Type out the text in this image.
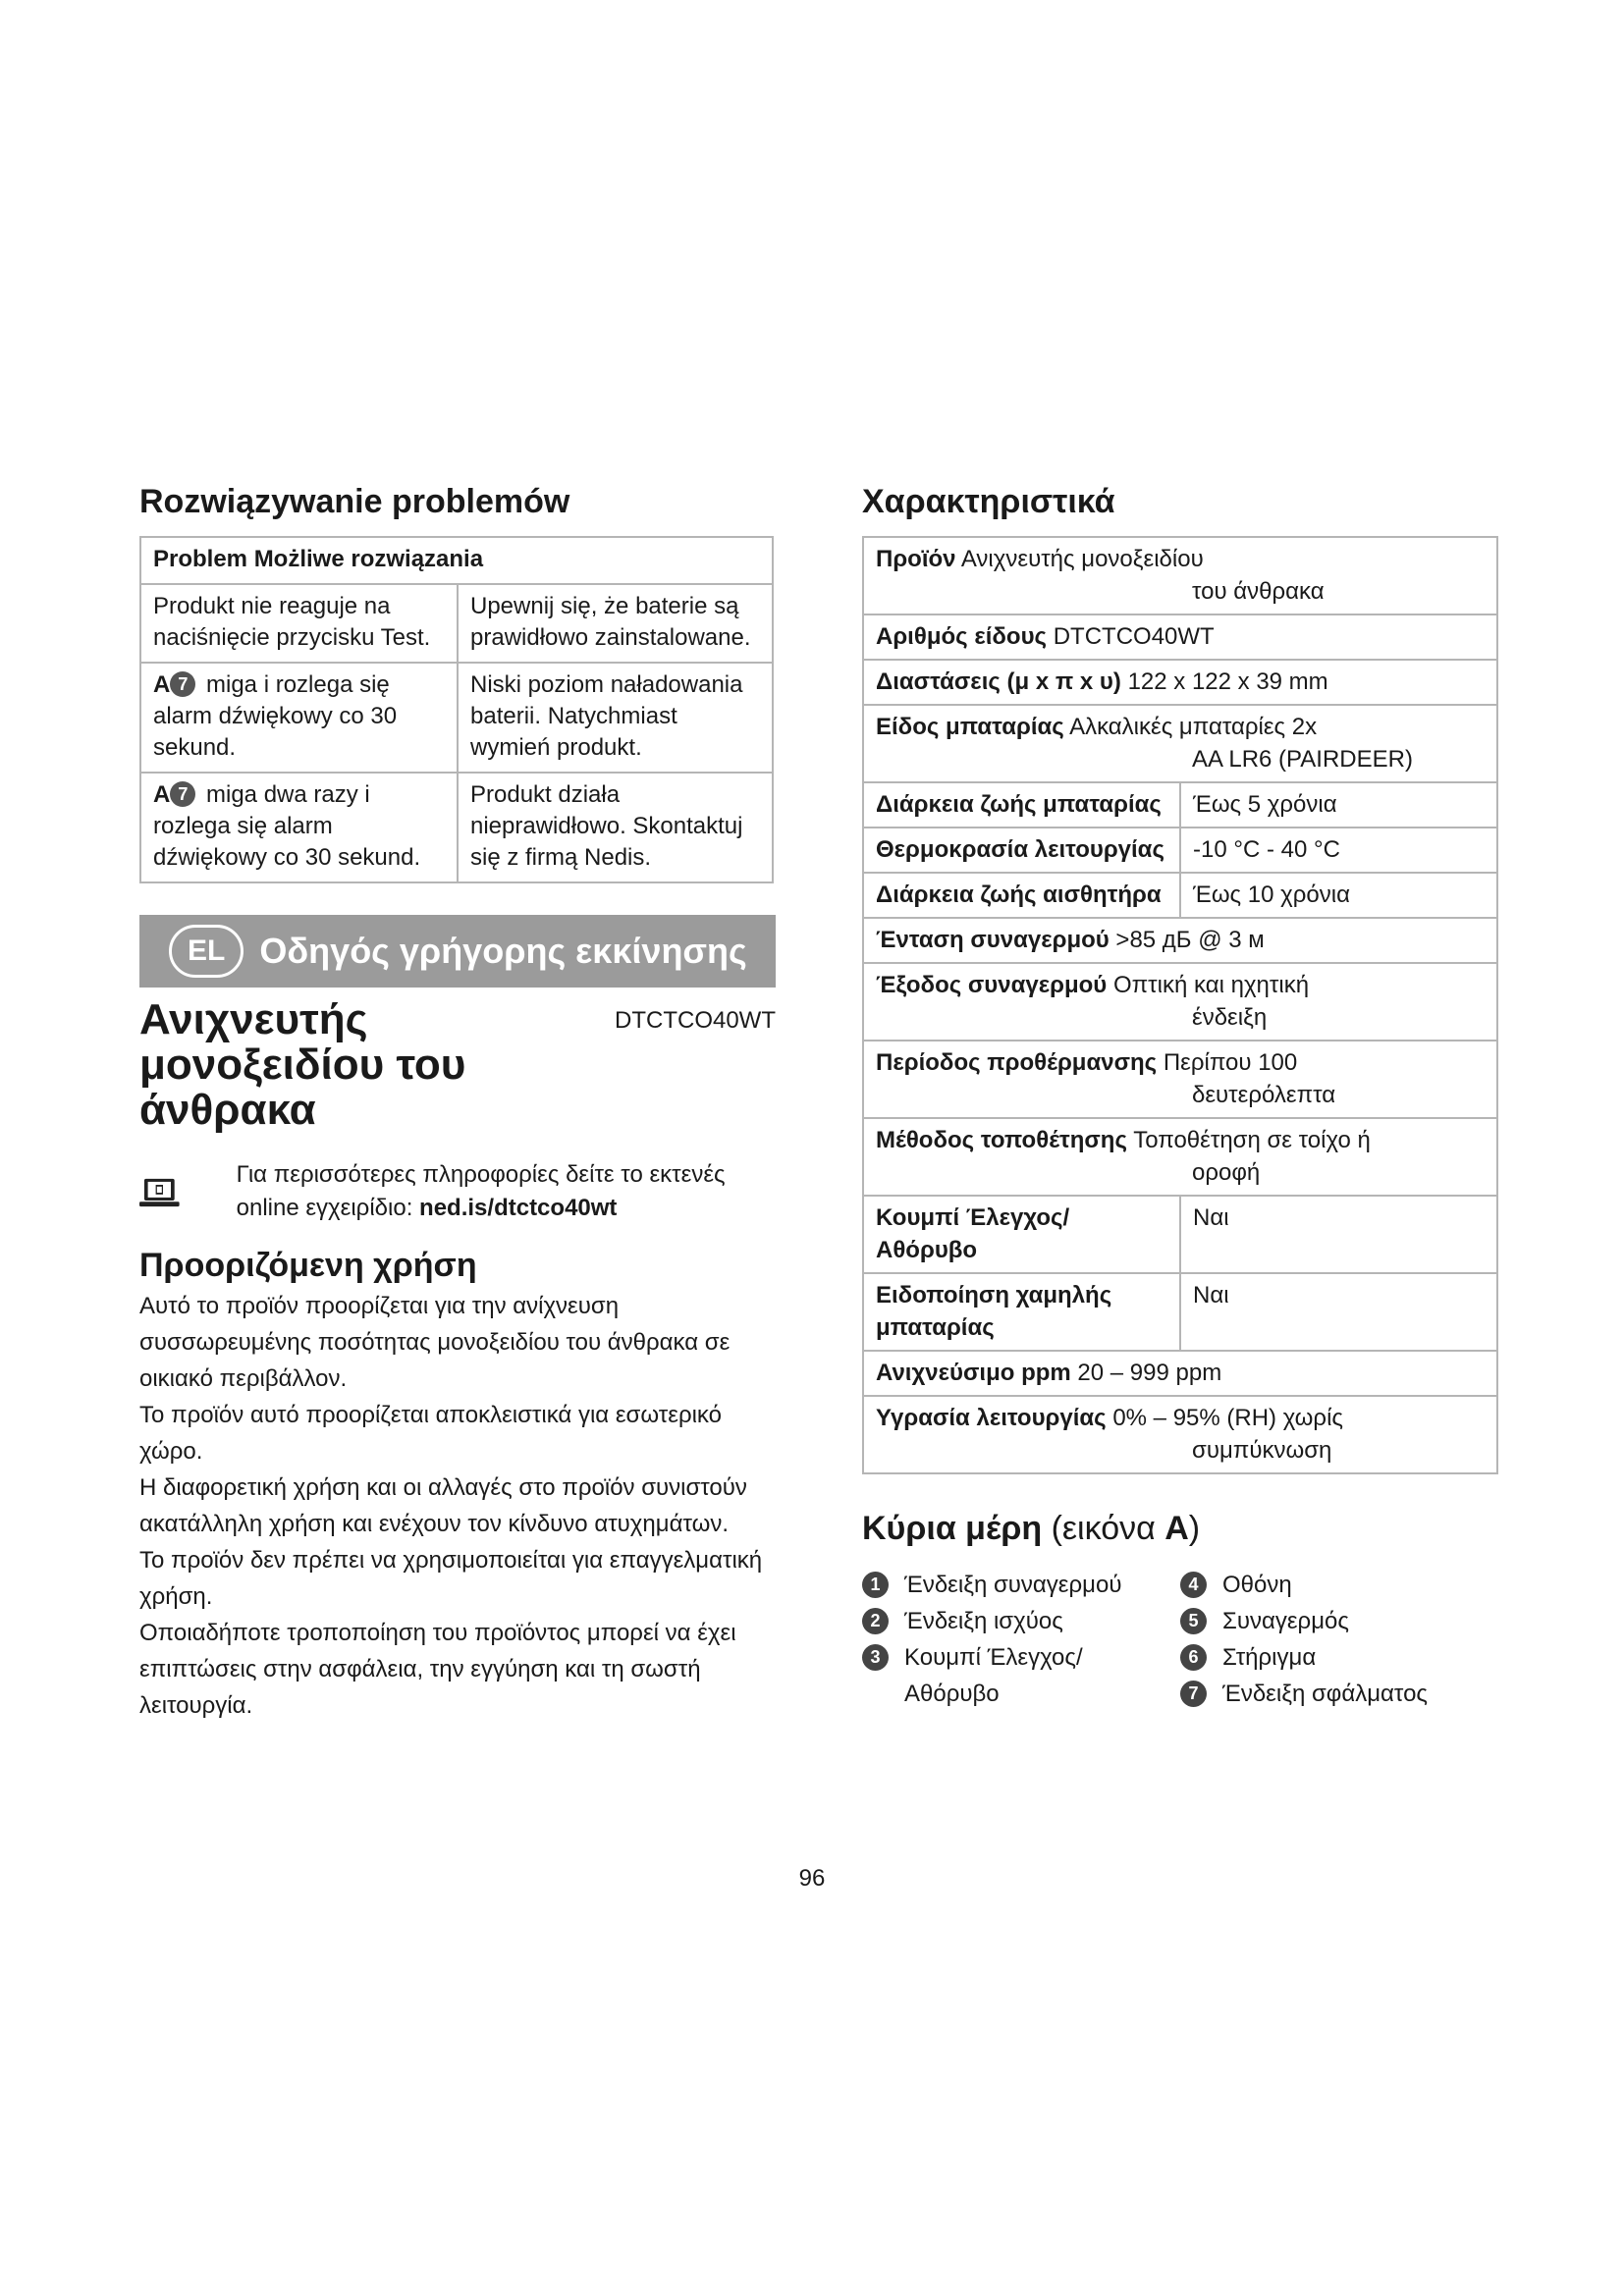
Rozwiązywanie problemów
Problem Możliwe rozwiązania	
Produkt nie reaguje na naciśnięcie przycisku Test.	Upewnij się, że baterie są prawidłowo zainstalowane.
A 7 miga i rozlega się alarm dźwiękowy co 30 sekund.	Niski poziom naładowania baterii. Natychmiast wymień produkt.
A 7 miga dwa razy i rozlega się alarm dźwiękowy co 30 sekund.	Produkt działa nieprawidłowo. Skontaktuj się z firmą Nedis.
EL Οδηγός γρήγορης εκκίνησης
Ανιχνευτής μονοξειδίου του άνθρακα
DTCTCO40WT
Για περισσότερες πληροφορίες δείτε το εκτενές online εγχειρίδιο: ned.is/dtctco40wt
Προοριζόμενη χρήση

Αυτό το προϊόν προορίζεται για την ανίχνευση συσσωρευμένης ποσότητας μονοξειδίου του άνθρακα σε οικιακό περιβάλλον.

Το προϊόν αυτό προορίζεται αποκλειστικά για εσωτερικό χώρο.

Η διαφορετική χρήση και οι αλλαγές στο προϊόν συνιστούν ακατάλληλη χρήση και ενέχουν τον κίνδυνο ατυχημάτων.

Το προϊόν δεν πρέπει να χρησιμοποιείται για επαγγελματική χρήση.

Οποιαδήποτε τροποποίηση του προϊόντος μπορεί να έχει επιπτώσεις στην ασφάλεια, την εγγύηση και τη σωστή λειτουργία.

Χαρακτηριστικά
Προϊόν Ανιχνευτής μονοξειδίου
του άνθρακα	

Αριθμός είδους DTCTCO40WT	
Διαστάσεις (μ x π x υ) 122 x 122 x 39 mm	
Είδος μπαταρίας Αλκαλικές μπαταρίες 2x
AA LR6 (PAIRDEER)	

Διάρκεια ζωής μπαταρίας	Έως 5 χρόνια
Θερμοκρασία λειτουργίας	-10 °C - 40 °C
Διάρκεια ζωής αισθητήρα	Έως 10 χρόνια
Ένταση συναγερμού >85 дБ @ 3 м	
Έξοδος συναγερμού Οπτική και ηχητική
ένδειξη	

Περίοδος προθέρμανσης Περίπου 100
δευτερόλεπτα	

Μέθοδος τοποθέτησης Τοποθέτηση σε τοίχο ή
οροφή	

Κουμπί Έλεγχος/ Αθόρυβο	Ναι
Ειδοποίηση χαμηλής μπαταρίας	Ναι
Ανιχνεύσιμο ppm 20 – 999 ppm	
Υγρασία λειτουργίας 0% – 95% (RH) χωρίς
συμπύκνωση	
Κύρια μέρη (εικόνα A)
1	Ένδειξη συναγερμού
2	Ένδειξη ισχύος
3	Κουμπί Έλεγχος/ Αθόρυβο
4	Οθόνη
5	Συναγερμός
6	Στήριγμα
7	Ένδειξη σφάλματος
96
